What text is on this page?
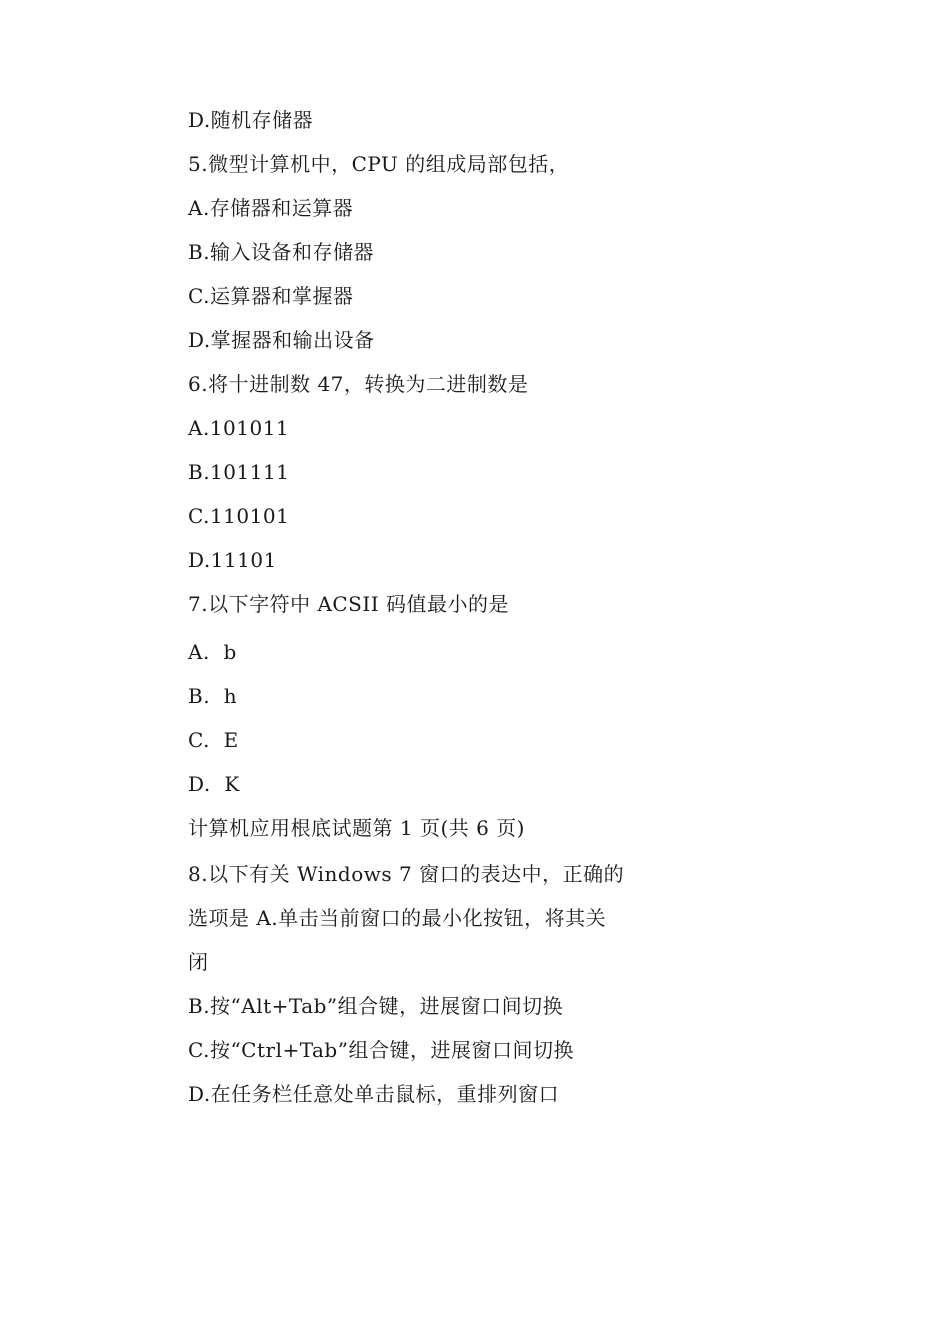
D.随机存储器
5.微型计算机中，CPU 的组成局部包括，
A.存储器和运算器
B.输入设备和存储器
C.运算器和掌握器
D.掌握器和输出设备
6.将十进制数 47，转换为二进制数是
A.101011
B.101111
C.110101
D.11101
7.以下字符中 ACSII 码值最小的是
A.  b
B.  h
C.  E
D.  K
计算机应用根底试题第 1 页(共 6 页)
8.以下有关 Windows 7 窗口的表达中，正确的
选项是 A.单击当前窗口的最小化按钮，将其关
闭
B.按“Alt+Tab”组合键，进展窗口间切换
C.按“Ctrl+Tab”组合键，进展窗口间切换
D.在任务栏任意处单击鼠标，重排列窗口
